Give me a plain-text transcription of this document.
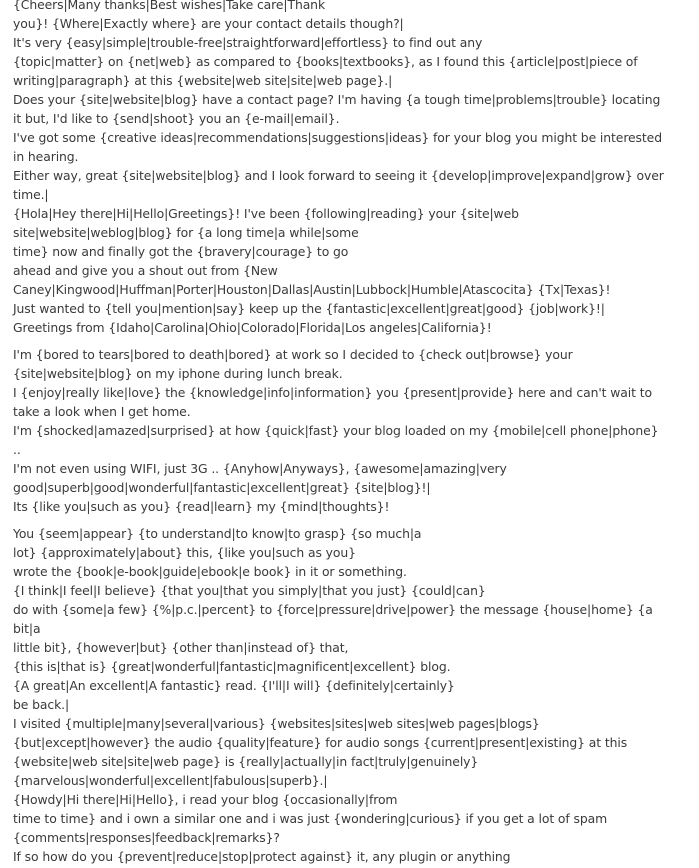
{Cheers|Many thanks|Best wishes|Take care|Thank
you}! {Where|Exactly where} are your contact details though?|
It's very {easy|simple|trouble-free|straightforward|effortless} to find out any
{topic|matter} on {net|web} as compared to {books|textbooks}, as I found this {article|post|piece of
writing|paragraph} at this {website|web site|site|web page}.|
Does your {site|website|blog} have a contact page? I'm having {a tough time|problems|trouble} locating
it but, I'd like to {send|shoot} you an {e-mail|email}.
I've got some {creative ideas|recommendations|suggestions|ideas} for your blog you might be interested
in hearing.
Either way, great {site|website|blog} and I look forward to seeing it {develop|improve|expand|grow} over
time.|
{Hola|Hey there|Hi|Hello|Greetings}! I've been {following|reading} your {site|web
site|website|weblog|blog} for {a long time|a while|some
time} now and finally got the {bravery|courage} to go
ahead and give you a shout out from {New
Caney|Kingwood|Huffman|Porter|Houston|Dallas|Austin|Lubbock|Humble|Atascocita} {Tx|Texas}!
Just wanted to {tell you|mention|say} keep up the {fantastic|excellent|great|good} {job|work}!|
Greetings from {Idaho|Carolina|Ohio|Colorado|Florida|Los angeles|California}!

I'm {bored to tears|bored to death|bored} at work so I decided to {check out|browse} your
{site|website|blog} on my iphone during lunch break.
I {enjoy|really like|love} the {knowledge|info|information} you {present|provide} here and can't wait to
take a look when I get home.
I'm {shocked|amazed|surprised} at how {quick|fast} your blog loaded on my {mobile|cell phone|phone}
..
I'm not even using WIFI, just 3G .. {Anyhow|Anyways}, {awesome|amazing|very
good|superb|good|wonderful|fantastic|excellent|great} {site|blog}!|
Its {like you|such as you} {read|learn} my {mind|thoughts}!

You {seem|appear} {to understand|to know|to grasp} {so much|a
lot} {approximately|about} this, {like you|such as you}
wrote the {book|e-book|guide|ebook|e book} in it or something.
{I think|I feel|I believe} {that you|that you simply|that you just} {could|can}
do with {some|a few} {%|p.c.|percent} to {force|pressure|drive|power} the message {house|home} {a
bit|a
little bit}, {however|but} {other than|instead of} that,
{this is|that is} {great|wonderful|fantastic|magnificent|excellent} blog.
{A great|An excellent|A fantastic} read. {I'll|I will} {definitely|certainly}
be back.|
I visited {multiple|many|several|various} {websites|sites|web sites|web pages|blogs}
{but|except|however} the audio {quality|feature} for audio songs {current|present|existing} at this
{website|web site|site|web page} is {really|actually|in fact|truly|genuinely}
{marvelous|wonderful|excellent|fabulous|superb}.|
{Howdy|Hi there|Hi|Hello}, i read your blog {occasionally|from
time to time} and i own a similar one and i was just {wondering|curious} if you get a lot of spam
{comments|responses|feedback|remarks}?
If so how do you {prevent|reduce|stop|protect against} it, any plugin or anything
